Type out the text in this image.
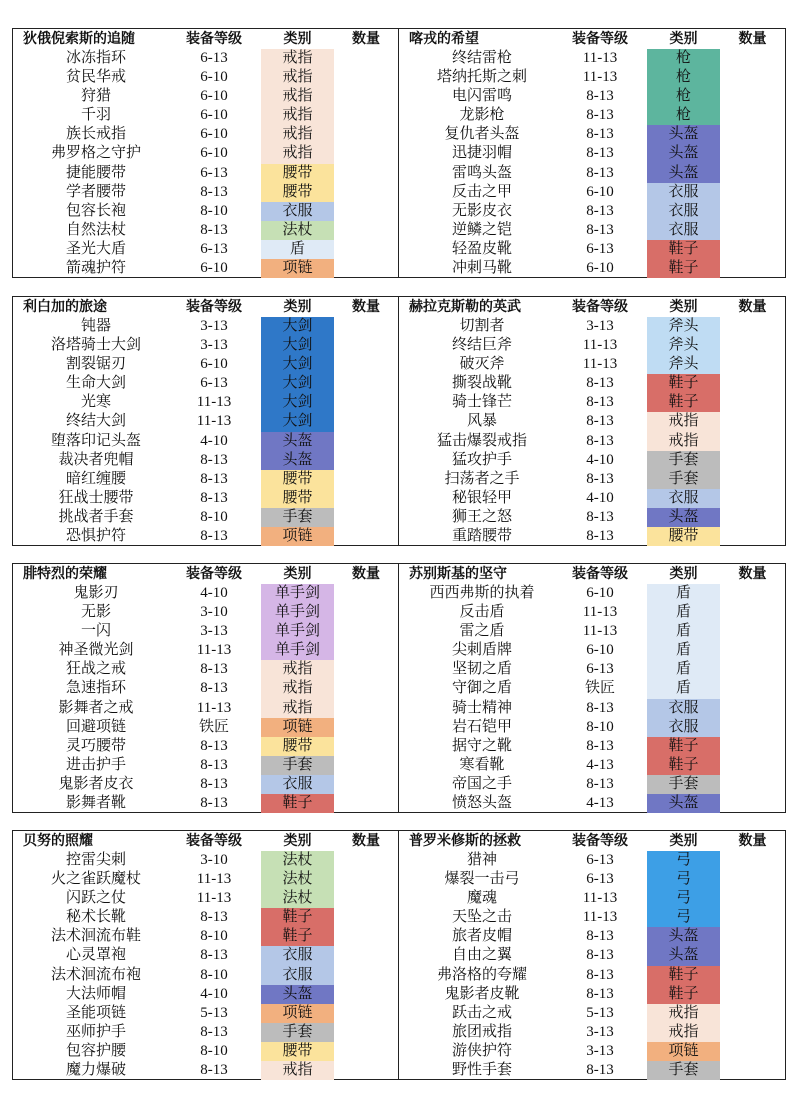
狄俄倪索斯的追随	装备等级	类别	数量
冰冻指环	6-13	戒指
贫民华戒	6-10	戒指
狩猎	6-10	戒指
千羽	6-10	戒指
族长戒指	6-10	戒指
弗罗格之守护	6-10	戒指
捷能腰带	6-13	腰带
学者腰带	8-13	腰带
包容长袍	8-10	衣服
自然法杖	8-13	法杖
圣光大盾	6-13	盾
箭魂护符	6-10	项链
喀戎的希望	装备等级	类别	数量
终结雷枪	11-13	枪
塔纳托斯之刺	11-13	枪
电闪雷鸣	8-13	枪
龙影枪	8-13	枪
复仇者头盔	8-13	头盔
迅捷羽帽	8-13	头盔
雷鸣头盔	8-13	头盔
反击之甲	6-10	衣服
无影皮衣	8-13	衣服
逆鳞之铠	8-13	衣服
轻盈皮靴	6-13	鞋子
冲刺马靴	6-10	鞋子
利白加的旅途	装备等级	类别	数量
钝器	3-13	大剑
洛塔骑士大剑	3-13	大剑
割裂锯刃	6-10	大剑
生命大剑	6-13	大剑
光寒	11-13	大剑
终结大剑	11-13	大剑
堕落印记头盔	4-10	头盔
裁决者兜帽	8-13	头盔
暗红缠腰	8-13	腰带
狂战士腰带	8-13	腰带
挑战者手套	8-10	手套
恐惧护符	8-13	项链
赫拉克斯勒的英武	装备等级	类别	数量
切割者	3-13	斧头
终结巨斧	11-13	斧头
破灭斧	11-13	斧头
撕裂战靴	8-13	鞋子
骑士锋芒	8-13	鞋子
风暴	8-13	戒指
猛击爆裂戒指	8-13	戒指
猛攻护手	4-10	手套
扫荡者之手	8-13	手套
秘银轻甲	4-10	衣服
狮王之怒	8-13	头盔
重踏腰带	8-13	腰带
腓特烈的荣耀	装备等级	类别	数量
鬼影刃	4-10	单手剑
无影	3-10	单手剑
一闪	3-13	单手剑
神圣微光剑	11-13	单手剑
狂战之戒	8-13	戒指
急速指环	8-13	戒指
影舞者之戒	11-13	戒指
回避项链	铁匠	项链
灵巧腰带	8-13	腰带
进击护手	8-13	手套
鬼影者皮衣	8-13	衣服
影舞者靴	8-13	鞋子
苏别斯基的坚守	装备等级	类别	数量
西西弗斯的执着	6-10	盾
反击盾	11-13	盾
雷之盾	11-13	盾
尖刺盾牌	6-10	盾
坚韧之盾	6-13	盾
守御之盾	铁匠	盾
骑士精神	8-13	衣服
岩石铠甲	8-10	衣服
据守之靴	8-13	鞋子
寒看靴	4-13	鞋子
帝国之手	8-13	手套
愤怒头盔	4-13	头盔
贝努的照耀	装备等级	类别	数量
控雷尖刺	3-10	法杖
火之雀跃魔杖	11-13	法杖
闪跃之仗	11-13	法杖
秘术长靴	8-13	鞋子
法术洄流布鞋	8-10	鞋子
心灵罩袍	8-13	衣服
法术洄流布袍	8-10	衣服
大法师帽	4-10	头盔
圣能项链	5-13	项链
巫师护手	8-13	手套
包容护腰	8-10	腰带
魔力爆破	8-13	戒指
普罗米修斯的拯救	装备等级	类别	数量
猎神	6-13	弓
爆裂一击弓	6-13	弓
魔魂	11-13	弓
天坠之击	11-13	弓
旅者皮帽	8-13	头盔
自由之翼	8-13	头盔
弗洛格的夸耀	8-13	鞋子
鬼影者皮靴	8-13	鞋子
跃击之戒	5-13	戒指
旅团戒指	3-13	戒指
游侠护符	3-13	项链
野性手套	8-13	手套
